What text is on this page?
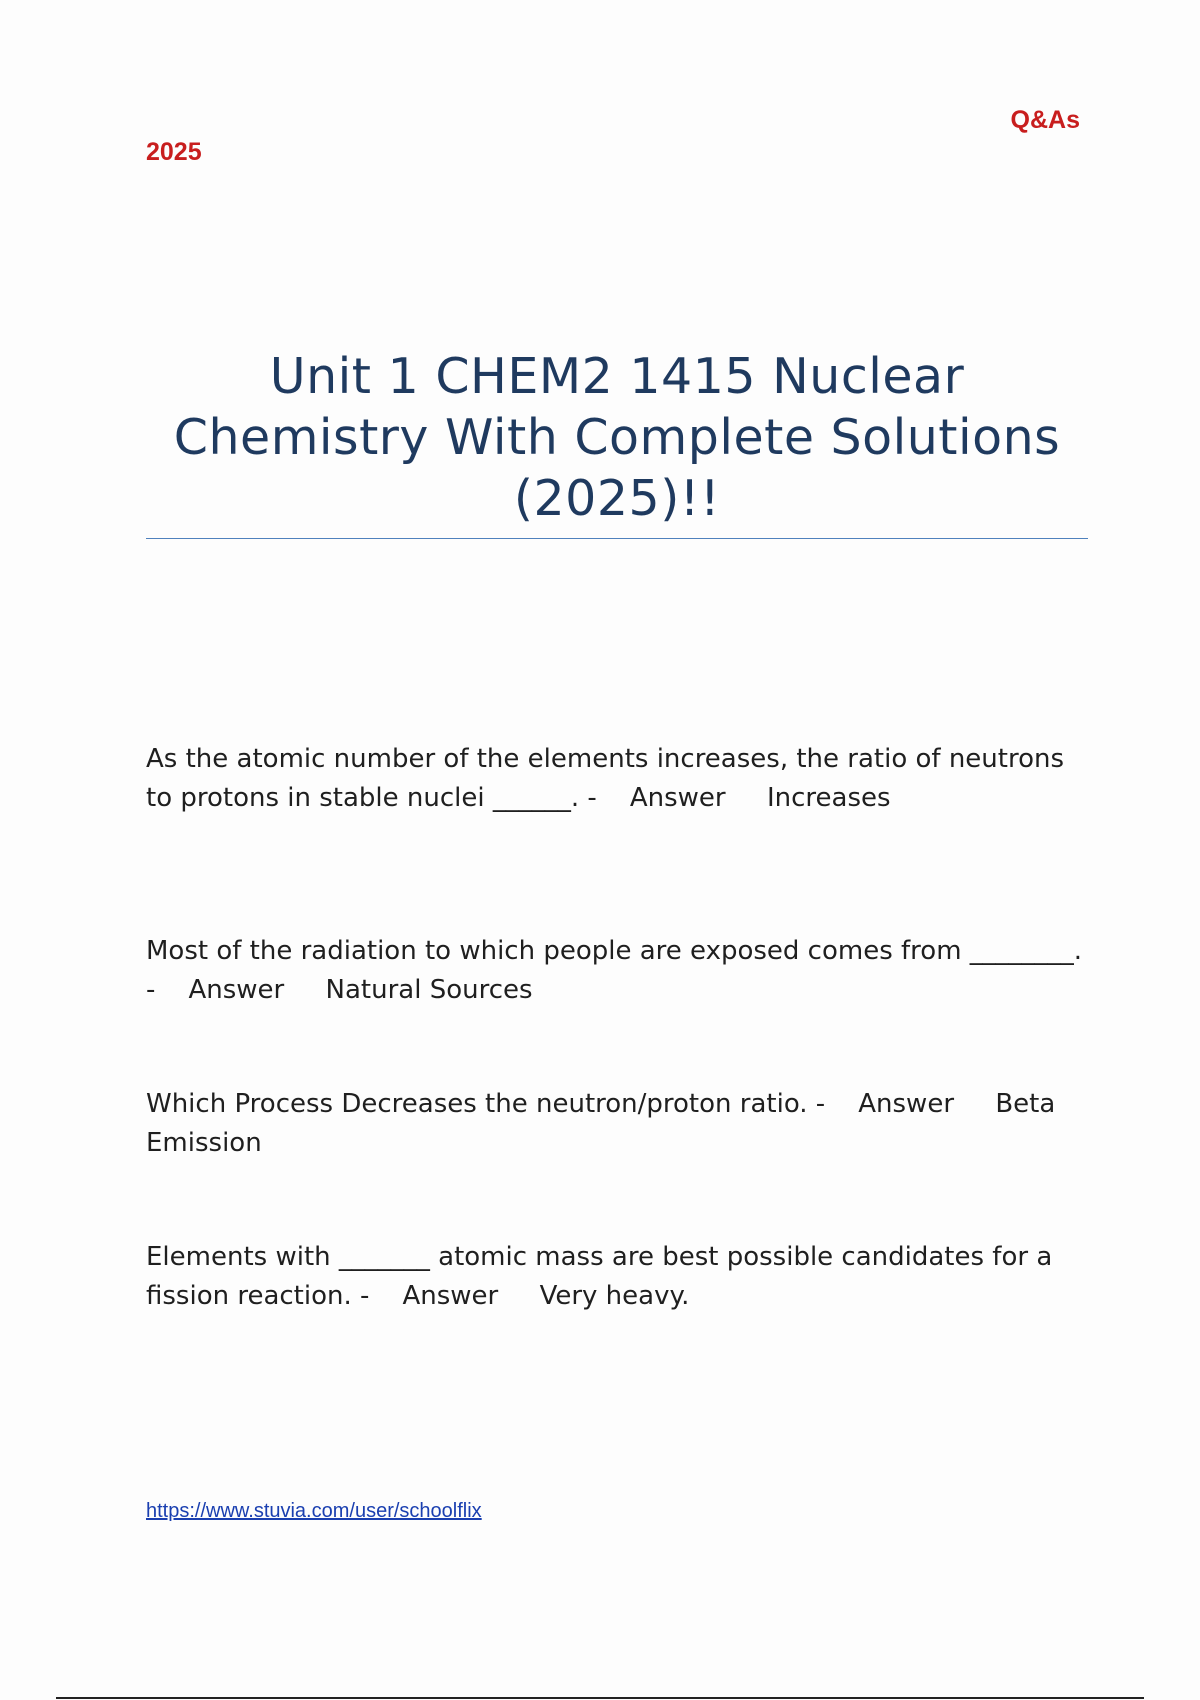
Q&As
2025
Unit 1 CHEM2 1415 Nuclear Chemistry With Complete Solutions (2025)!!

As the atomic number of the elements increases, the ratio of neutrons to protons in stable nuclei ______. - Answer Increases

Most of the radiation to which people are exposed comes from ________. - Answer Natural Sources

Which Process Decreases the neutron/proton ratio. - Answer Beta Emission

Elements with _______ atomic mass are best possible candidates for a fission reaction. - Answer Very heavy.

https://www.stuvia.com/user/schoolflix
